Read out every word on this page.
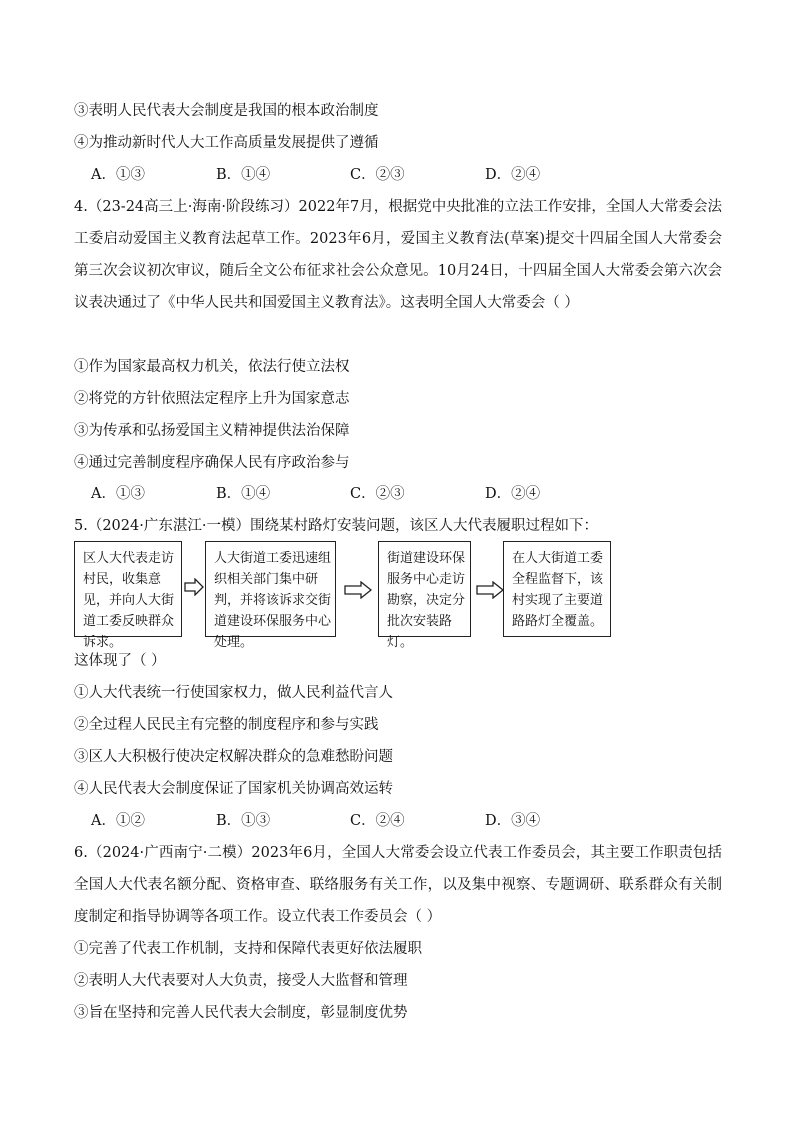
③表明人民代表大会制度是我国的根本政治制度
④为推动新时代人大工作高质量发展提供了遵循
A．①③	B．①④	C．②③	D．②④
4.（23-24高三上·海南·阶段练习）2022年7月，根据党中央批准的立法工作安排，全国人大常委会法工委启动爱国主义教育法起草工作。2023年6月，爱国主义教育法(草案)提交十四届全国人大常委会第三次会议初次审议，随后全文公布征求社会公众意见。10月24日，十四届全国人大常委会第六次会议表决通过了《中华人民共和国爱国主义教育法》。这表明全国人大常委会（ ）
①作为国家最高权力机关，依法行使立法权
②将党的方针依照法定程序上升为国家意志
③为传承和弘扬爱国主义精神提供法治保障
④通过完善制度程序确保人民有序政治参与
A．①③	B．①④	C．②③	D．②④
5.（2024·广东湛江·一模）围绕某村路灯安装问题，该区人大代表履职过程如下：
区人大代表走访村民，收集意见，并向人大街道工委反映群众诉求。
人大街道工委迅速组织相关部门集中研判，并将该诉求交街道建设环保服务中心处理。
街道建设环保服务中心走访勘察，决定分批次安装路灯。
在人大街道工委全程监督下，该村实现了主要道路路灯全覆盖。
这体现了（ ）
①人大代表统一行使国家权力，做人民利益代言人
②全过程人民民主有完整的制度程序和参与实践
③区人大积极行使决定权解决群众的急难愁盼问题
④人民代表大会制度保证了国家机关协调高效运转
A．①②	B．①③	C．②④	D．③④
6.（2024·广西南宁·二模）2023年6月，全国人大常委会设立代表工作委员会，其主要工作职责包括全国人大代表名额分配、资格审查、联络服务有关工作，以及集中视察、专题调研、联系群众有关制度制定和指导协调等各项工作。设立代表工作委员会（ ）
①完善了代表工作机制，支持和保障代表更好依法履职
②表明人大代表要对人大负责，接受人大监督和管理
③旨在坚持和完善人民代表大会制度，彰显制度优势
